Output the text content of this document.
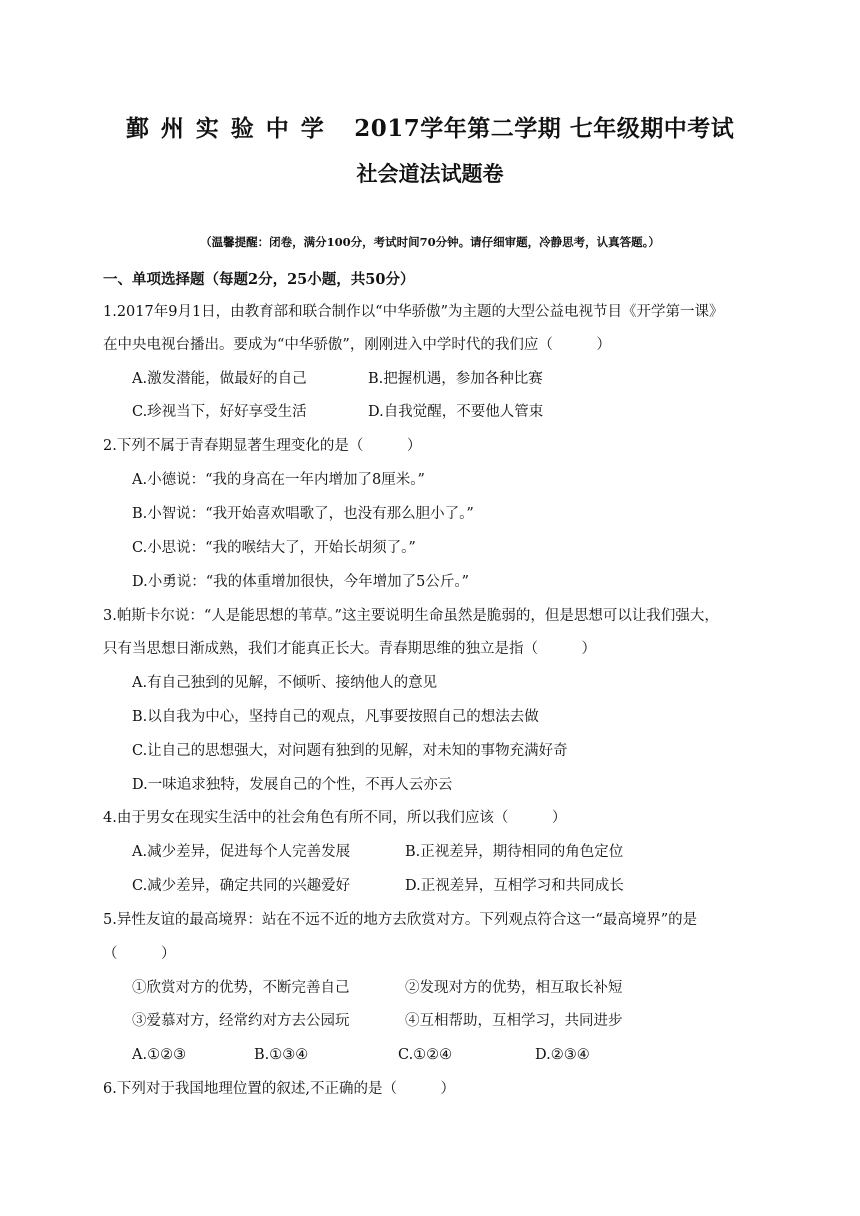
鄞州实验中学 2017学年第二学期 七年级期中考试
社会道法试题卷
（温馨提醒：闭卷，满分100分，考试时间70分钟。请仔细审题，冷静思考，认真答题。）
一、单项选择题（每题2分，25小题，共50分）
1.2017年9月1日，由教育部和联合制作以“中华骄傲”为主题的大型公益电视节目《开学第一课》
在中央电视台播出。要成为“中华骄傲”，刚刚进入中学时代的我们应（　　　）
A.激发潜能，做最好的自己	B.把握机遇，参加各种比赛
C.珍视当下，好好享受生活	D.自我觉醒，不要他人管束
2.下列不属于青春期显著生理变化的是（　　　）
A.小德说：“我的身高在一年内增加了8厘米。”
B.小智说：“我开始喜欢唱歌了，也没有那么胆小了。”
C.小思说：“我的喉结大了，开始长胡须了。”
D.小勇说：“我的体重增加很快，今年增加了5公斤。”
3.帕斯卡尔说：“人是能思想的苇草。”这主要说明生命虽然是脆弱的，但是思想可以让我们强大，
只有当思想日渐成熟，我们才能真正长大。青春期思维的独立是指（　　　）
A.有自己独到的见解，不倾听、接纳他人的意见
B.以自我为中心，坚持自己的观点，凡事要按照自己的想法去做
C.让自己的思想强大，对问题有独到的见解，对未知的事物充满好奇
D.一味追求独特，发展自己的个性，不再人云亦云
4.由于男女在现实生活中的社会角色有所不同，所以我们应该（　　　）
A.减少差异，促进每个人完善发展	B.正视差异，期待相同的角色定位
C.减少差异，确定共同的兴趣爱好	D.正视差异，互相学习和共同成长
5.异性友谊的最高境界：站在不远不近的地方去欣赏对方。下列观点符合这一“最高境界”的是
（　　　）
①欣赏对方的优势，不断完善自己	②发现对方的优势，相互取长补短
③爱慕对方，经常约对方去公园玩	④互相帮助，互相学习，共同进步
A.①②③	B.①③④	C.①②④	D.②③④
6.下列对于我国地理位置的叙述,不正确的是（　　　）
